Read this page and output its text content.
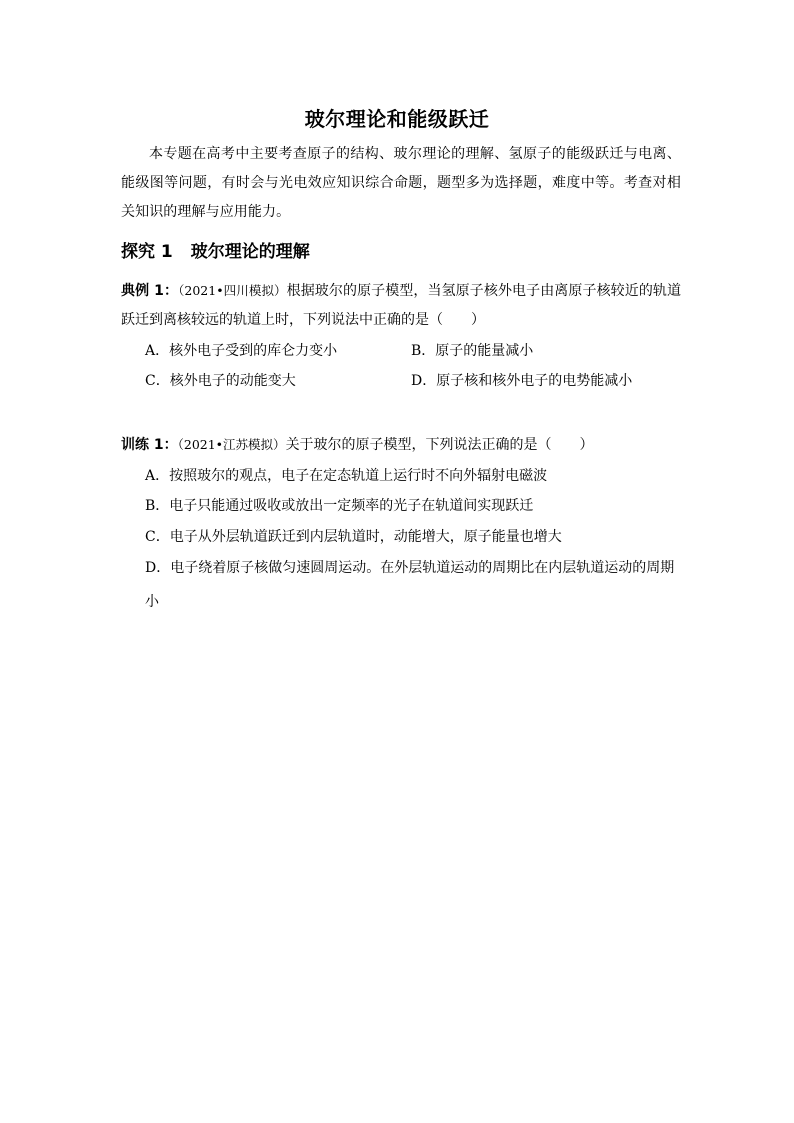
玻尔理论和能级跃迁
本专题在高考中主要考查原子的结构、玻尔理论的理解、氢原子的能级跃迁与电离、能级图等问题，有时会与光电效应知识综合命题，题型多为选择题，难度中等。考查对相关知识的理解与应用能力。
探究 1 玻尔理论的理解
典例 1：（2021•四川模拟）根据玻尔的原子模型，当氢原子核外电子由离原子核较近的轨道跃迁到离核较远的轨道上时，下列说法中正确的是（　　）
A．核外电子受到的库仑力变小	B．原子的能量减小
C．核外电子的动能变大	D．原子核和核外电子的电势能减小
训练 1：（2021•江苏模拟）关于玻尔的原子模型，下列说法正确的是（　　）
A．按照玻尔的观点，电子在定态轨道上运行时不向外辐射电磁波
B．电子只能通过吸收或放出一定频率的光子在轨道间实现跃迁
C．电子从外层轨道跃迁到内层轨道时，动能增大，原子能量也增大
D．电子绕着原子核做匀速圆周运动。在外层轨道运动的周期比在内层轨道运动的周期
小
